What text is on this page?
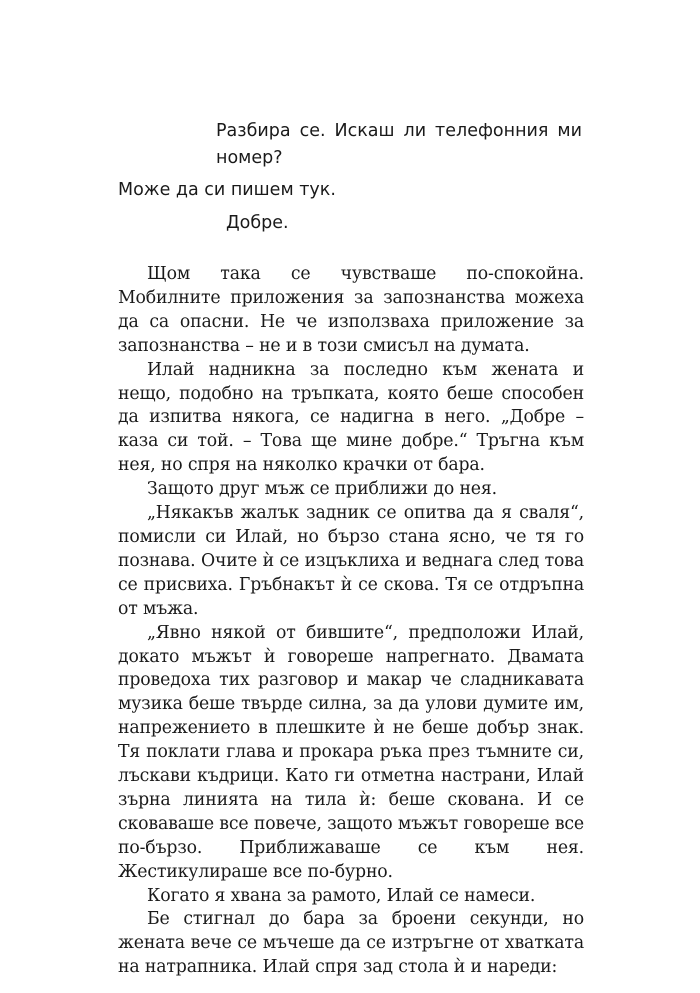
Разбира се. Искаш ли телефонния ми номер?

Може да си пишем тук.

Добре.

Щом така се чувстваше по-спокойна. Мобилните приложения за запознанства можеха да са опасни. Не че използваха приложение за запознанства – не и в този смисъл на думата.

Илай надникна за последно към жената и нещо, подобно на тръпката, която беше способен да изпитва някога, се надигна в него. „Добре – каза си той. – Това ще мине добре.“ Тръгна към нея, но спря на няколко крачки от бара.

Защото друг мъж се приближи до нея.

„Някакъв жалък задник се опитва да я сваля“, помисли си Илай, но бързо стана ясно, че тя го познава. Очите ѝ се изцъклиха и веднага след това се присвиха. Гръбнакът ѝ се скова. Тя се отдръпна от мъжа.

„Явно някой от бившите“, предположи Илай, докато мъжът ѝ говореше напрегнато. Двамата проведоха тих разговор и макар че сладникавата музика беше твърде силна, за да улови думите им, напрежението в плешките ѝ не беше добър знак. Тя поклати глава и прокара ръка през тъмните си, лъскави къдрици. Като ги отметна настрани, Илай зърна линията на тила ѝ: беше скована. И се сковаваше все повече, защото мъжът говореше все по-бързо. Приближаваше се към нея. Жестикулираше все по-бурно.

Когато я хвана за рамото, Илай се намеси.

Бе стигнал до бара за броени секунди, но жената вече се мъчеше да се изтръгне от хватката на натрапника. Илай спря зад стола ѝ и нареди:
